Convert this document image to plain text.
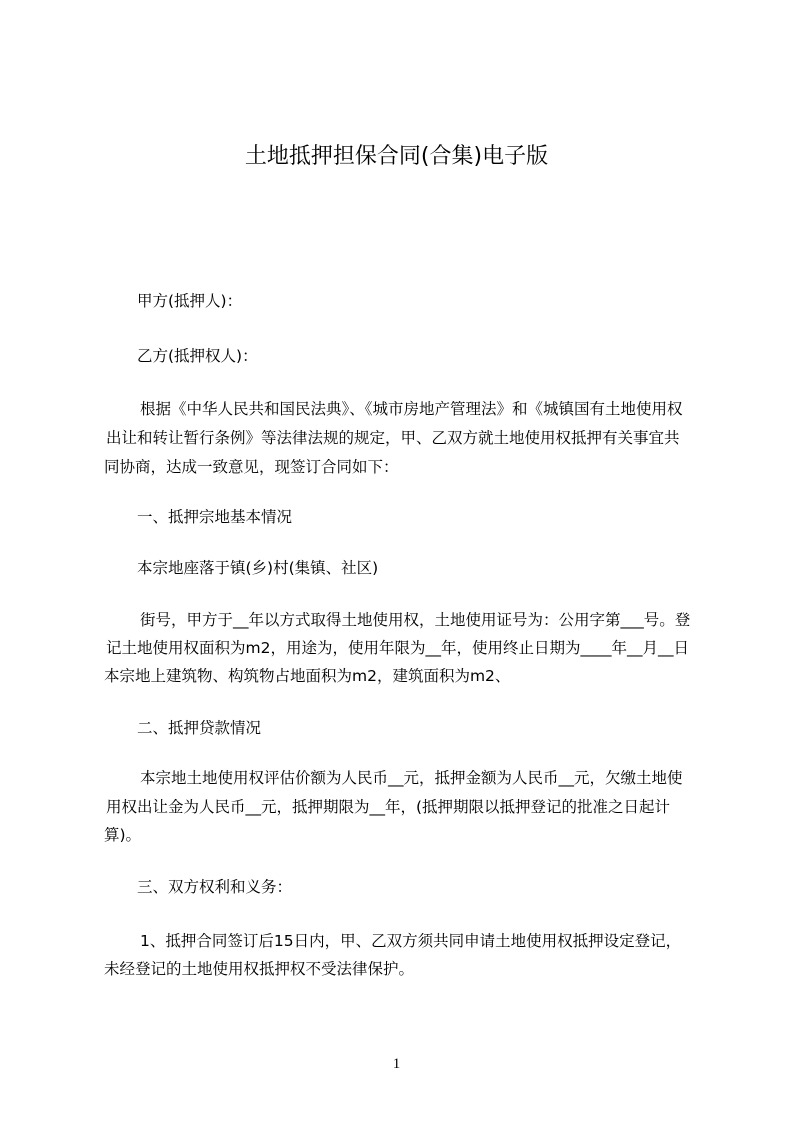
土地抵押担保合同(合集)电子版
甲方(抵押人)：
乙方(抵押权人)：
根据《中华人民共和国民法典》、《城市房地产管理法》和《城镇国有土地使用权
出让和转让暂行条例》等法律法规的规定，甲、乙双方就土地使用权抵押有关事宜共
同协商，达成一致意见，现签订合同如下：
一、抵押宗地基本情况
本宗地座落于镇(乡)村(集镇、社区)
街号，甲方于__年以方式取得土地使用权，土地使用证号为：公用字第___号。登
记土地使用权面积为m2，用途为，使用年限为__年，使用终止日期为____年__月__日
本宗地上建筑物、构筑物占地面积为m2，建筑面积为m2、
二、抵押贷款情况
本宗地土地使用权评估价额为人民币__元，抵押金额为人民币__元，欠缴土地使
用权出让金为人民币__元，抵押期限为__年，(抵押期限以抵押登记的批准之日起计
算)。
三、双方权利和义务：
1、抵押合同签订后15日内，甲、乙双方须共同申请土地使用权抵押设定登记，
未经登记的土地使用权抵押权不受法律保护。
1
